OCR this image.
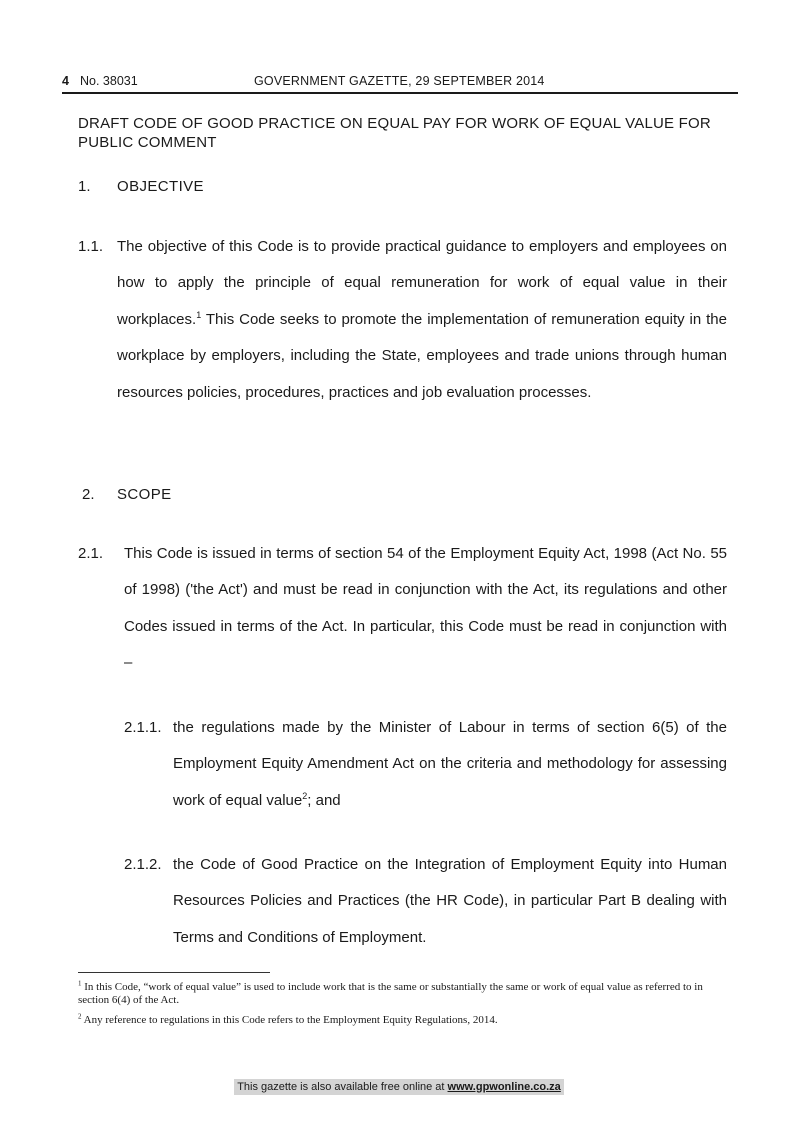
4 No. 38031	GOVERNMENT GAZETTE, 29 SEPTEMBER 2014
DRAFT CODE OF GOOD PRACTICE ON EQUAL PAY FOR WORK OF EQUAL VALUE FOR PUBLIC COMMENT
1. OBJECTIVE
1.1. The objective of this Code is to provide practical guidance to employers and employees on how to apply the principle of equal remuneration for work of equal value in their workplaces.$^1$ This Code seeks to promote the implementation of remuneration equity in the workplace by employers, including the State, employees and trade unions through human resources policies, procedures, practices and job evaluation processes.
2. SCOPE
2.1. This Code is issued in terms of section 54 of the Employment Equity Act, 1998 (Act No. 55 of 1998) ('the Act') and must be read in conjunction with the Act, its regulations and other Codes issued in terms of the Act. In particular, this Code must be read in conjunction with –
2.1.1. the regulations made by the Minister of Labour in terms of section 6(5) of the Employment Equity Amendment Act on the criteria and methodology for assessing work of equal value$^2$; and
2.1.2. the Code of Good Practice on the Integration of Employment Equity into Human Resources Policies and Practices (the HR Code), in particular Part B dealing with Terms and Conditions of Employment.
$^1$ In this Code, “work of equal value” is used to include work that is the same or substantially the same or work of equal value as referred to in section 6(4) of the Act.
$^2$ Any reference to regulations in this Code refers to the Employment Equity Regulations, 2014.
This gazette is also available free online at www.gpwonline.co.za
